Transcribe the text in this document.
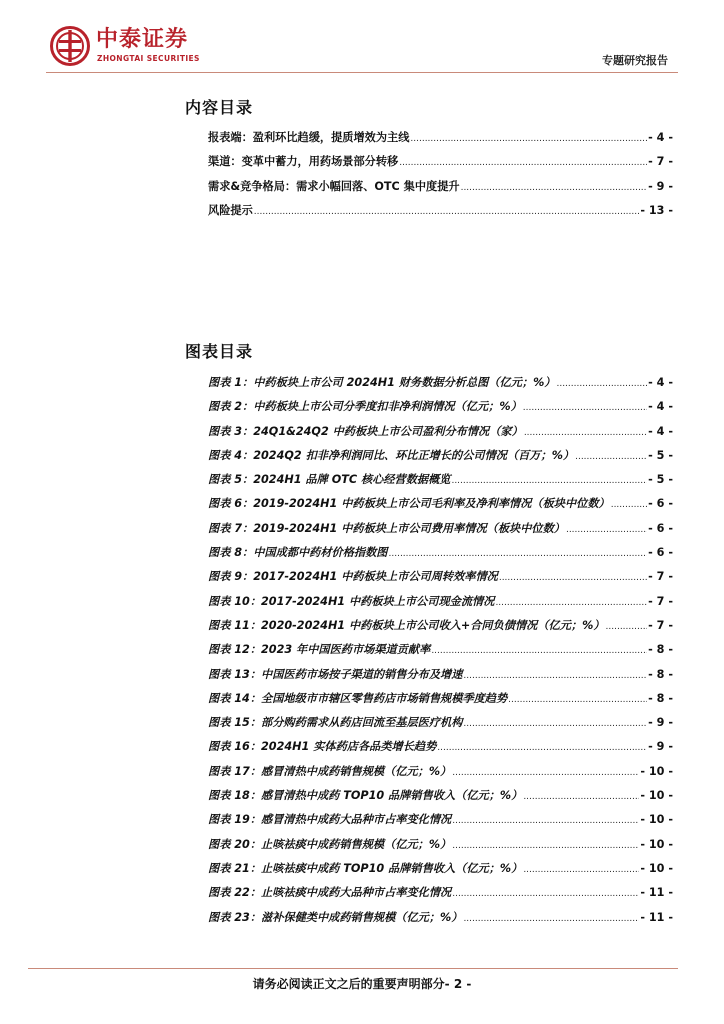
中泰证券
ZHONGTAI SECURITIES	专题研究报告
内容目录
报表端：盈利环比趋缓，提质增效为主线 .....	- 4 -
渠道：变革中蓄力，用药场景部分转移 .....	- 7 -
需求&竞争格局：需求小幅回落、OTC 集中度提升 .....	- 9 -
风险提示 .....	- 13 -
图表目录
图表 1：中药板块上市公司 2024H1 财务数据分析总图（亿元；%） .....	- 4 -
图表 2：中药板块上市公司分季度扣非净利润情况（亿元；%） .....	- 4 -
图表 3：24Q1&24Q2 中药板块上市公司盈利分布情况（家） .....	- 4 -
图表 4：2024Q2 扣非净利润同比、环比正增长的公司情况（百万；%） .....	- 5 -
图表 5：2024H1 品牌 OTC 核心经营数据概览 .....	- 5 -
图表 6：2019-2024H1 中药板块上市公司毛利率及净利率情况（板块中位数） .....	- 6 -
图表 7：2019-2024H1 中药板块上市公司费用率情况（板块中位数） .....	- 6 -
图表 8：中国成都中药材价格指数图 .....	- 6 -
图表 9：2017-2024H1 中药板块上市公司周转效率情况 .....	- 7 -
图表 10：2017-2024H1 中药板块上市公司现金流情况 .....	- 7 -
图表 11：2020-2024H1 中药板块上市公司收入+合同负债情况（亿元；%） .....	- 7 -
图表 12：2023 年中国医药市场渠道贡献率 .....	- 8 -
图表 13：中国医药市场按子渠道的销售分布及增速 .....	- 8 -
图表 14：全国地级市市辖区零售药店市场销售规模季度趋势 .....	- 8 -
图表 15：部分购药需求从药店回流至基层医疗机构 .....	- 9 -
图表 16：2024H1 实体药店各品类增长趋势 .....	- 9 -
图表 17：感冒清热中成药销售规模（亿元；%） .....	- 10 -
图表 18：感冒清热中成药 TOP10 品牌销售收入（亿元；%） .....	- 10 -
图表 19：感冒清热中成药大品种市占率变化情况 .....	- 10 -
图表 20：止咳祛痰中成药销售规模（亿元；%） .....	- 10 -
图表 21：止咳祛痰中成药 TOP10 品牌销售收入（亿元；%） .....	- 10 -
图表 22：止咳祛痰中成药大品种市占率变化情况 .....	- 11 -
图表 23：滋补保健类中成药销售规模（亿元；%） .....	- 11 -
请务必阅读正文之后的重要声明部分- 2 -
